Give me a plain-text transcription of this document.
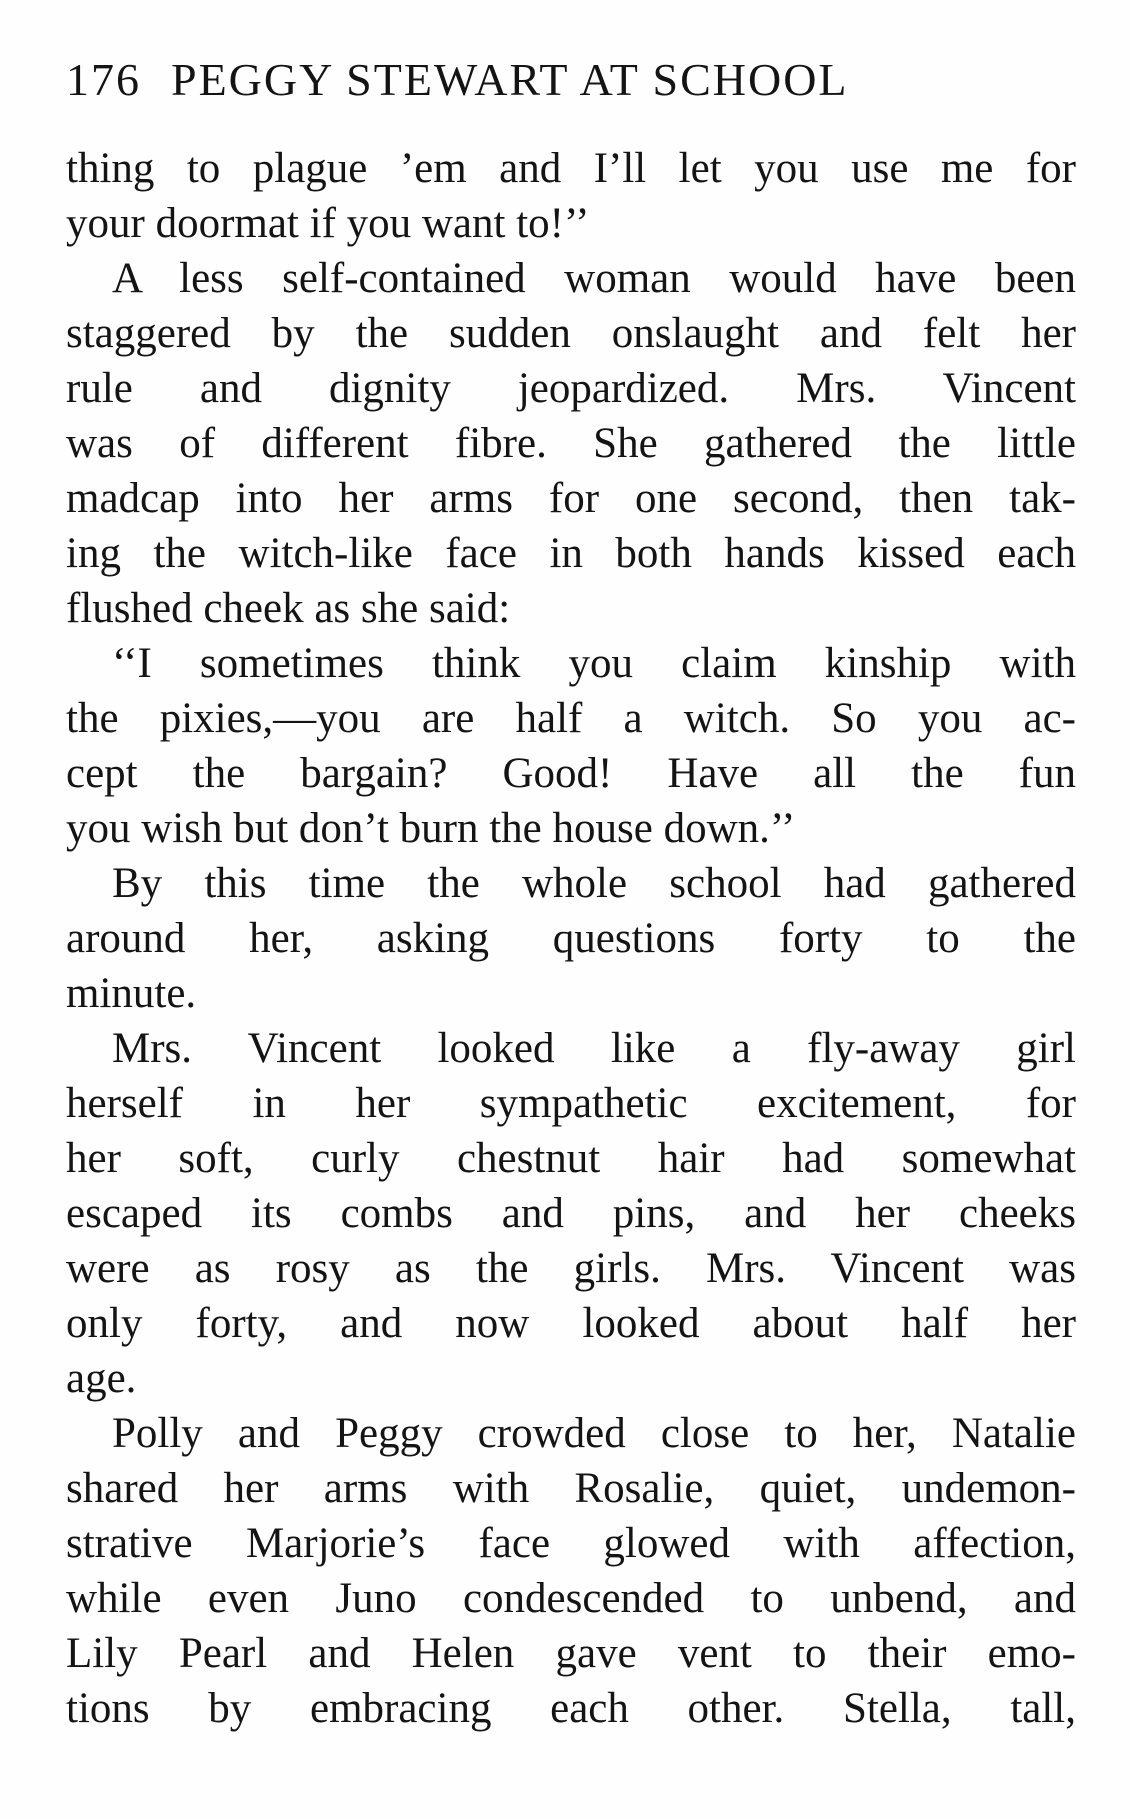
176 PEGGY STEWART AT SCHOOL
thing to plague ’em and I’ll let you use me for
your doormat if you want to!’’
A less self-contained woman would have been
staggered by the sudden onslaught and felt her
rule and dignity jeopardized. Mrs. Vincent
was of different fibre. She gathered the little
madcap into her arms for one second, then tak-
ing the witch-like face in both hands kissed each
flushed cheek as she said:
‘‘I sometimes think you claim kinship with
the pixies,—you are half a witch. So you ac-
cept the bargain? Good! Have all the fun
you wish but don’t burn the house down.’’
By this time the whole school had gathered
around her, asking questions forty to the
minute.
Mrs. Vincent looked like a fly-away girl
herself in her sympathetic excitement, for
her soft, curly chestnut hair had somewhat
escaped its combs and pins, and her cheeks
were as rosy as the girls. Mrs. Vincent was
only forty, and now looked about half her
age.
Polly and Peggy crowded close to her, Natalie
shared her arms with Rosalie, quiet, undemon-
strative Marjorie’s face glowed with affection,
while even Juno condescended to unbend, and
Lily Pearl and Helen gave vent to their emo-
tions by embracing each other. Stella, tall,
